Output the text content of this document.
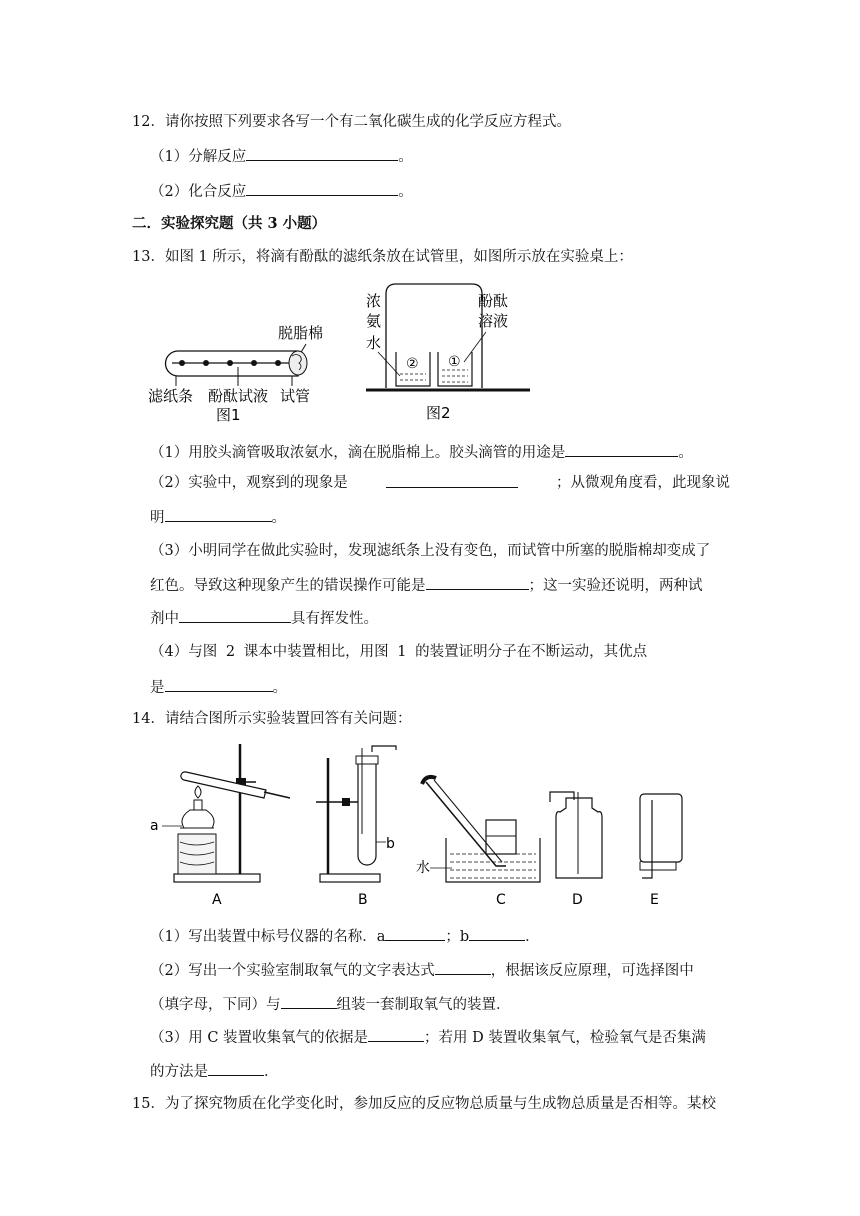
12．请你按照下列要求各写一个有二氧化碳生成的化学反应方程式。
（1）分解反应	。
（2）化合反应	。
二．实验探究题（共 3 小题）
13．如图 1 所示，将滴有酚酞的滤纸条放在试管里，如图所示放在实验桌上：
脱脂棉
滤纸条 酚酞试液 试管
图1
浓
氨
水
酚酞
溶液
② ①
图2
（1）用胶头滴管吸取浓氨水，滴在脱脂棉上。胶头滴管的用途是	。
（2）实验中，观察到的现象是	；从微观角度看，此现象说
明	。
（3）小明同学在做此实验时，发现滤纸条上没有变色，而试管中所塞的脱脂棉却变成了
红色。导致这种现象产生的错误操作可能是	；这一实验还说明，两种试
剂中	具有挥发性。
（4）与图 2 课本中装置相比，用图 1 的装置证明分子在不断运动，其优点
是	。
14．请结合图所示实验装置回答有关问题：
a
A
b
B
水
C	D	E
（1）写出装置中标号仪器的名称．a	；b	．
（2）写出一个实验室制取氧气的文字表达式	，根据该反应原理，可选择图中
（填字母，下同）与	组装一套制取氧气的装置．
（3）用 C 装置收集氧气的依据是	；若用 D 装置收集氧气，检验氧气是否集满
的方法是	．
15．为了探究物质在化学变化时，参加反应的反应物总质量与生成物总质量是否相等。某校
